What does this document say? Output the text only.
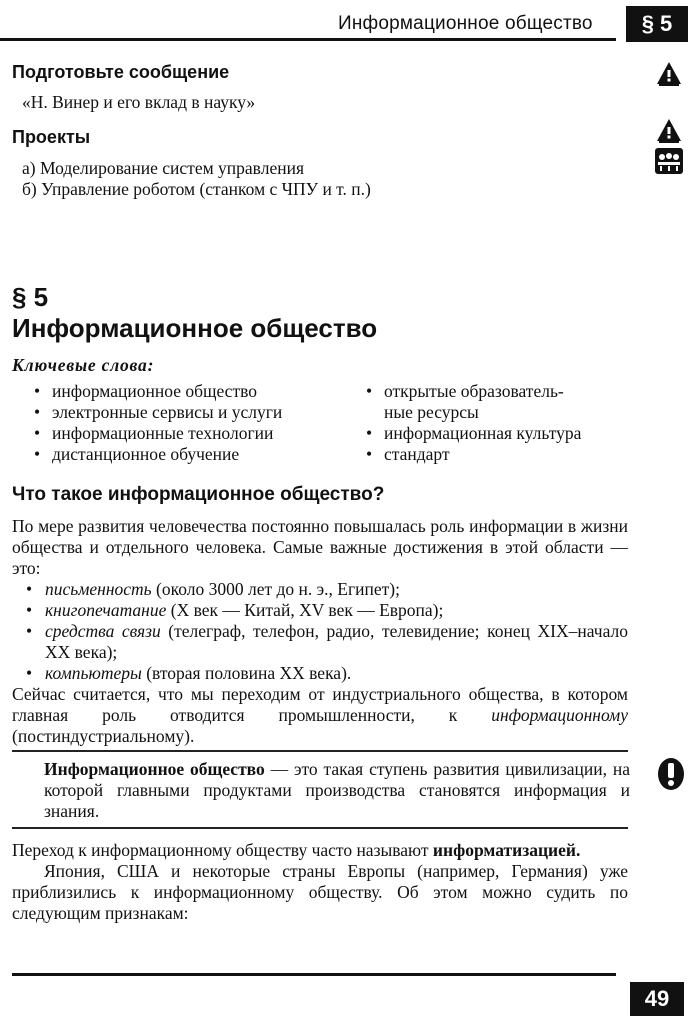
Информационное общество	§ 5
Подготовьте сообщение
«Н. Винер и его вклад в науку»
Проекты
а) Моделирование систем управления
б) Управление роботом (станком с ЧПУ и т. п.)
§ 5
Информационное общество
Ключевые слова:
• информационное общество
• электронные сервисы и услуги
• информационные технологии
• дистанционное обучение
• открытые образователь-
ные ресурсы
• информационная культура
• стандарт
Что такое информационное общество?

По мере развития человечества постоянно повышалась роль информации в жизни общества и отдельного человека. Самые важные достижения в этой области — это:

• письменность (около 3000 лет до н. э., Египет);
• книгопечатание (X век — Китай, XV век — Европа);
• средства связи (телеграф, телефон, радио, телевидение; конец XIX–начало XX века);
• компьютеры (вторая половина XX века).

Сейчас считается, что мы переходим от индустриального общества, в котором главная роль отводится промышленности, к информационному (постиндустриальному).

Информационное общество — это такая ступень развития цивилизации, на которой главными продуктами производства становятся информация и знания.

Переход к информационному обществу часто называют информатизацией.

Япония, США и некоторые страны Европы (например, Германия) уже приблизились к информационному обществу. Об этом можно судить по следующим признакам:

49
